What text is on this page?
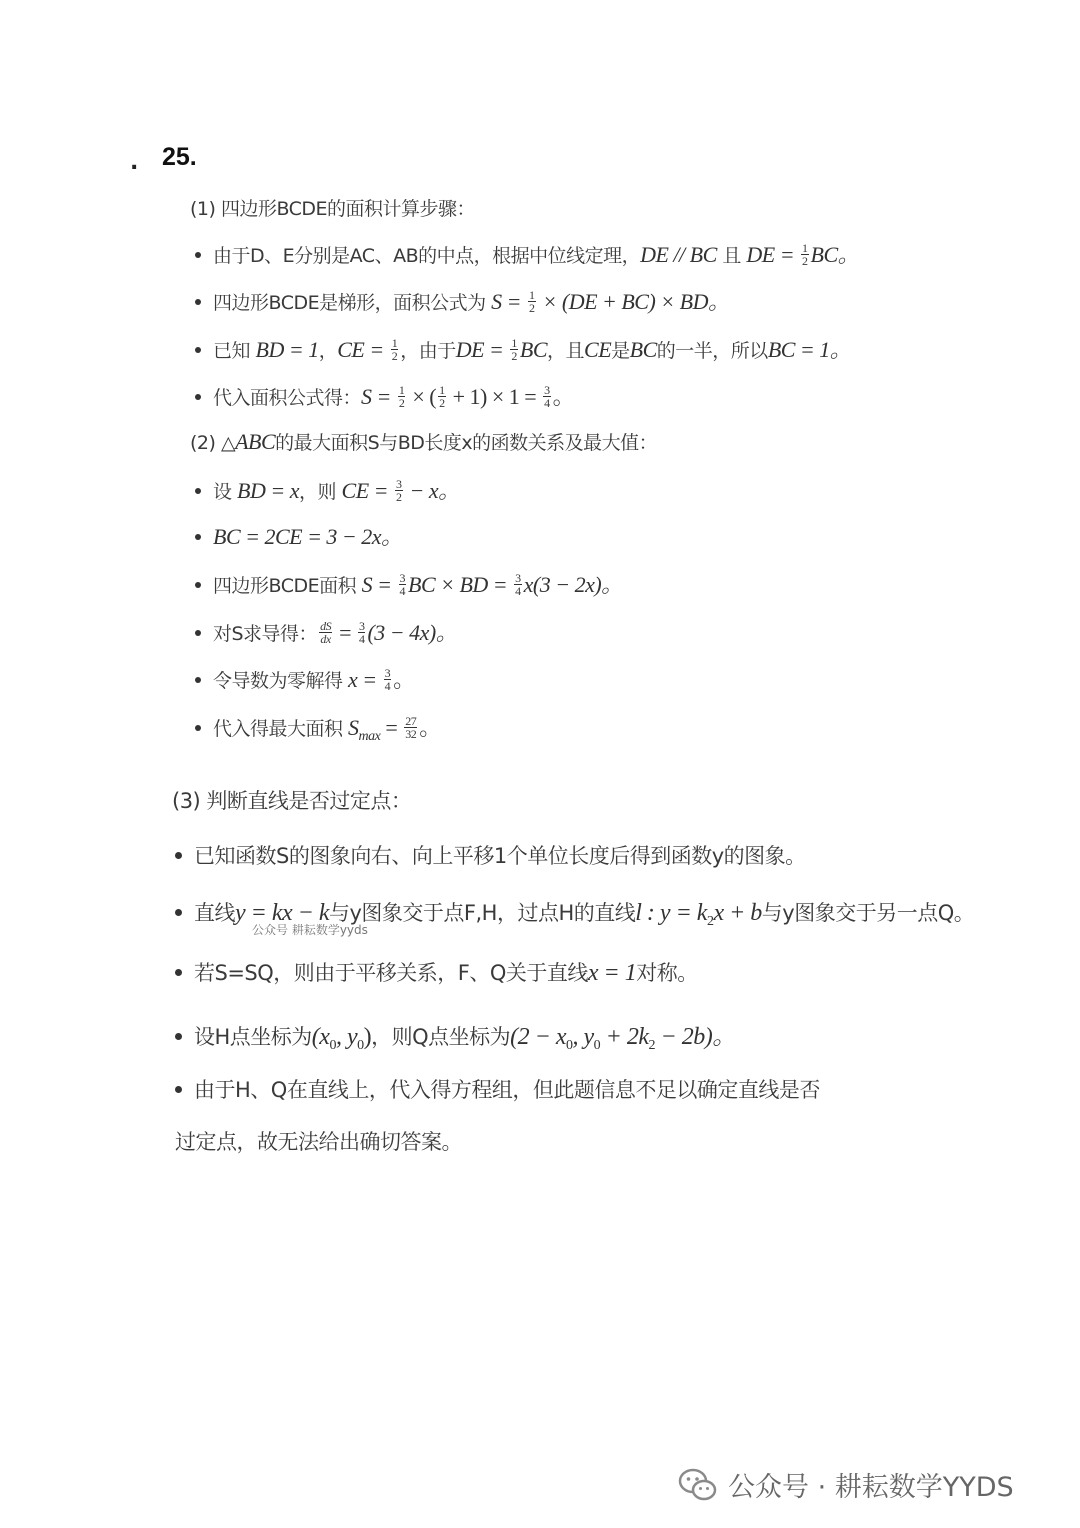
. 25.
(1) 四边形BCDE的面积计算步骤：
由于D、E分别是AC、AB的中点，根据中位线定理，DE // BC 且 DE = $\frac{1}{2}$ BC。
四边形BCDE是梯形，面积公式为 $S = \frac{1}{2} \times (DE + BC)$ × BD。
已知 BD = 1，CE = $\frac{1}{2}$ ，由于DE = $\frac{1}{2}$ BC，且CE是BC的一半，所以BC = 1。
代入面积公式得：$S = \frac{1}{2}$ × ( $\frac{1}{2} + 1) \times 1 = \frac{3}{4}$ 。
(2) △ABC的最大面积S与BD长度x的函数关系及最大值：
设 BD = x，则 CE = $\frac{3}{2} - x$。
BC = 2CE = 3 − 2x。
四边形BCDE面积 $S = \frac{3}{4}$ BC × BD = $\frac{3}{4} x(3 - 2x)$。
对S求导得： $\frac{dS}{dx} = \frac{3}{4} (3 - 4x)$。
令导数为零解得 $x = \frac{3}{4}$ 。
代入得最大面积 $S_{max} = \frac{27}{32}$ 。
(3) 判断直线是否过定点：
已知函数S的图象向右、向上平移1个单位长度后得到函数y的图象。
直线y = kx − k与y图象交于点F,H，过点H的直线l : $y = k_2x + b$与y图象交于另一点Q。
公众号 耕耘数学yyds
若S=SQ，则由于平移关系，F、Q关于直线x = 1对称。
设H点坐标为($x_0$, $y_0$)，则Q点坐标为($2 - x_0$, $y_0 + 2k_2 - 2b$)。
由于H、Q在直线上，代入得方程组，但此题信息不足以确定直线是否过定点，故无法给出确切答案。
公众号 · 耕耘数学YYDS
